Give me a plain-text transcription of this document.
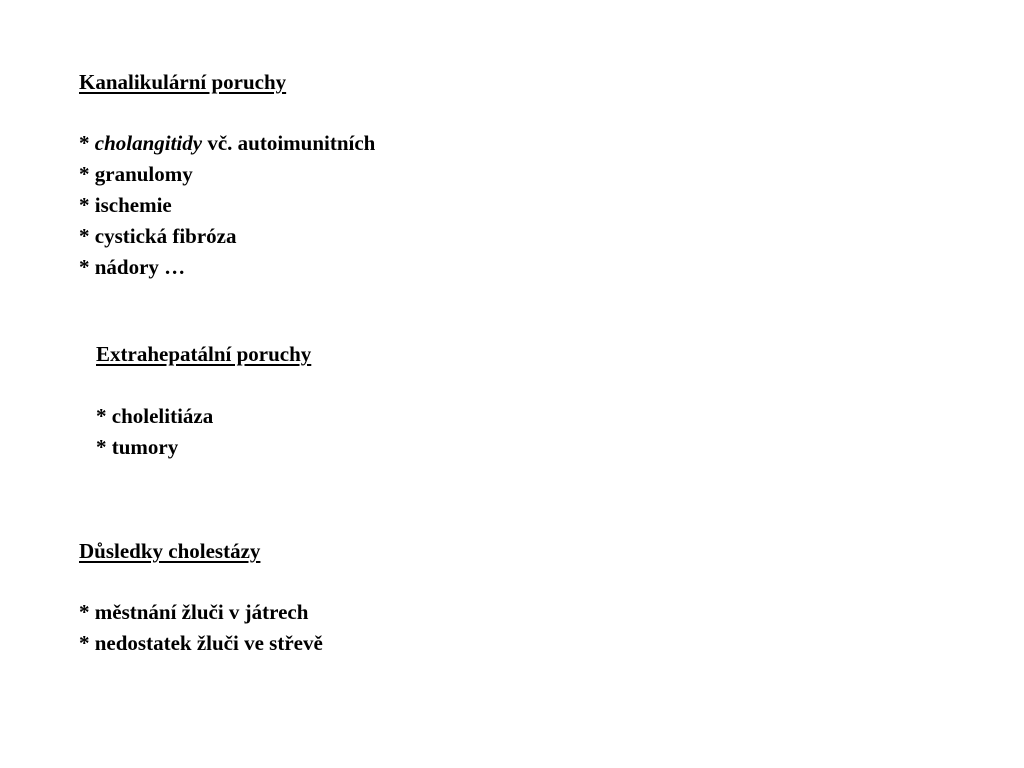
Kanalikulární poruchy
* cholangitidy vč. autoimunitních
* granulomy
* ischemie
* cystická fibróza
* nádory …
Extrahepatální poruchy
* cholelitiáza
* tumory
Důsledky cholestázy
* městnání žluči v játrech
* nedostatek žluči ve střevě
